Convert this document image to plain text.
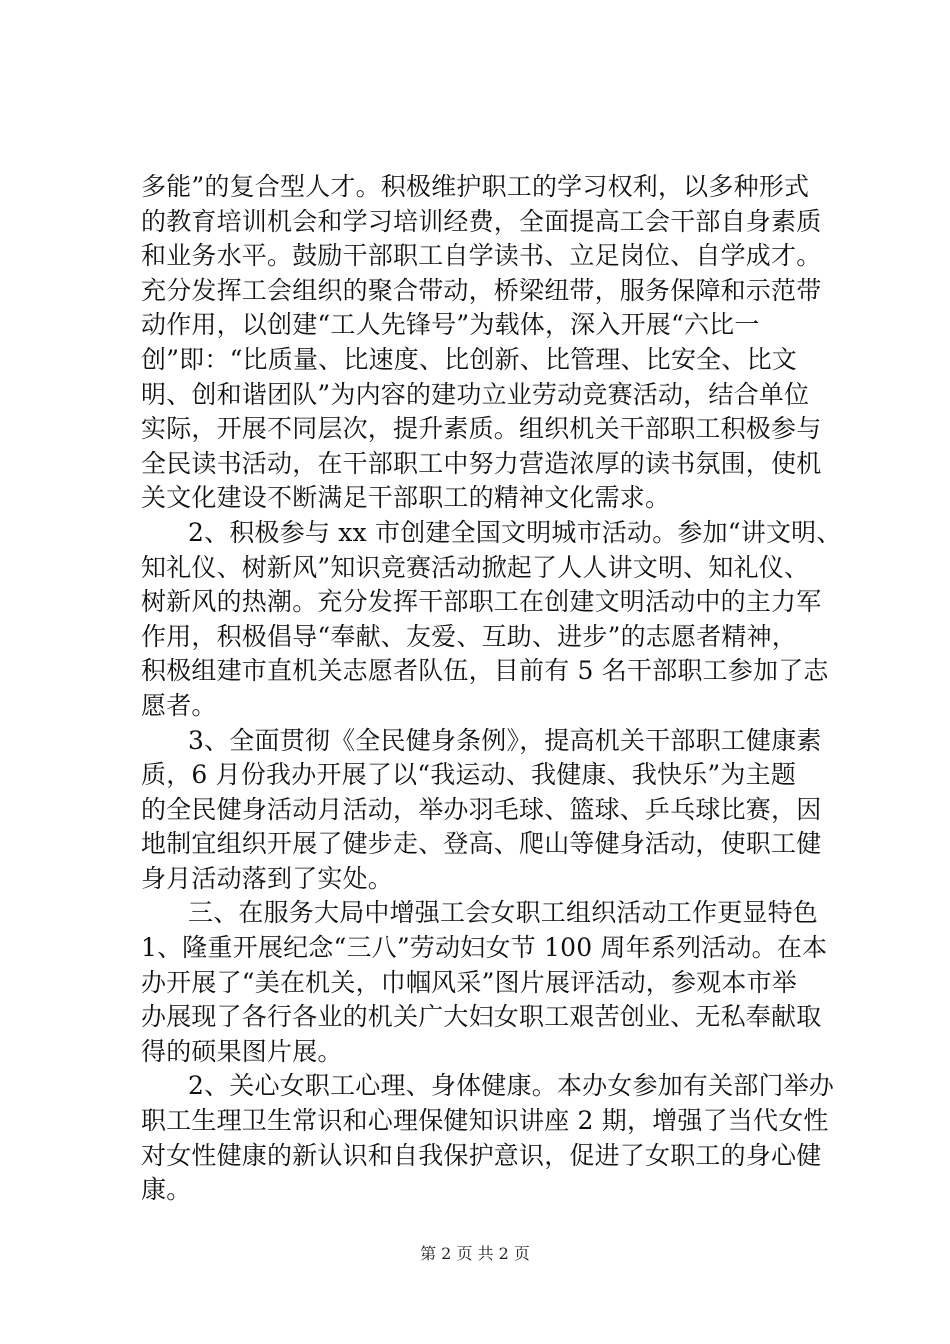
多能”的复合型人才。积极维护职工的学习权利，以多种形式
的教育培训机会和学习培训经费，全面提高工会干部自身素质
和业务水平。鼓励干部职工自学读书、立足岗位、自学成才。
充分发挥工会组织的聚合带动，桥梁纽带，服务保障和示范带
动作用，以创建“工人先锋号”为载体，深入开展“六比一
创”即：“比质量、比速度、比创新、比管理、比安全、比文
明、创和谐团队”为内容的建功立业劳动竞赛活动，结合单位
实际，开展不同层次，提升素质。组织机关干部职工积极参与
全民读书活动，在干部职工中努力营造浓厚的读书氛围，使机
关文化建设不断满足干部职工的精神文化需求。
2、积极参与 xx 市创建全国文明城市活动。参加“讲文明、
知礼仪、树新风”知识竞赛活动掀起了人人讲文明、知礼仪、
树新风的热潮。充分发挥干部职工在创建文明活动中的主力军
作用，积极倡导“奉献、友爱、互助、进步”的志愿者精神，
积极组建市直机关志愿者队伍，目前有 5 名干部职工参加了志
愿者。
3、全面贯彻《全民健身条例》，提高机关干部职工健康素
质，6 月份我办开展了以“我运动、我健康、我快乐”为主题
的全民健身活动月活动，举办羽毛球、篮球、乒乓球比赛，因
地制宜组织开展了健步走、登高、爬山等健身活动，使职工健
身月活动落到了实处。
三、在服务大局中增强工会女职工组织活动工作更显特色
1、隆重开展纪念“三八”劳动妇女节 100 周年系列活动。在本
办开展了“美在机关，巾帼风采”图片展评活动，参观本市举
办展现了各行各业的机关广大妇女职工艰苦创业、无私奉献取
得的硕果图片展。
2、关心女职工心理、身体健康。本办女参加有关部门举办
职工生理卫生常识和心理保健知识讲座 2 期，增强了当代女性
对女性健康的新认识和自我保护意识，促进了女职工的身心健
康。
第 2 页 共 2 页
